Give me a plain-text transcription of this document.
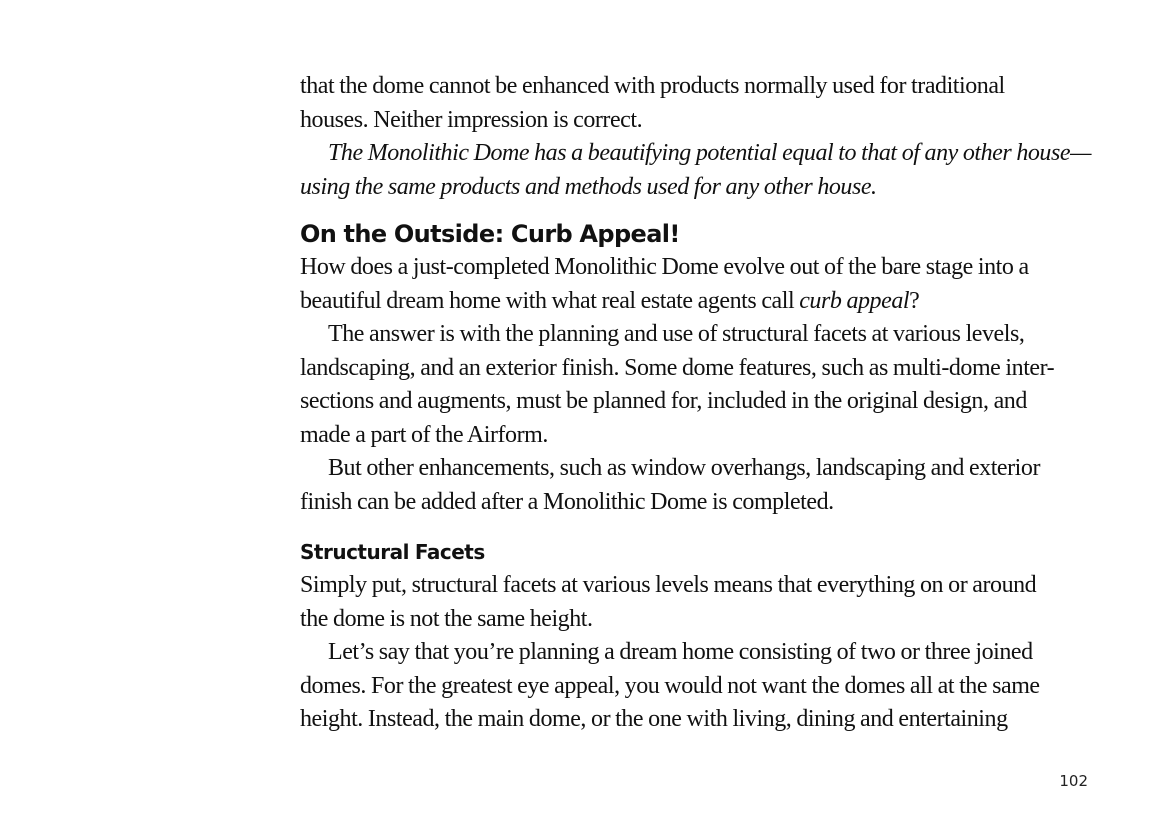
that the dome cannot be enhanced with products normally used for traditional
houses. Neither impression is correct.

The Monolithic Dome has a beautifying potential equal to that of any other house—
using the same products and methods used for any other house.

On the Outside: Curb Appeal!

How does a just-completed Monolithic Dome evolve out of the bare stage into a
beautiful dream home with what real estate agents call curb appeal?

The answer is with the planning and use of structural facets at various levels,
landscaping, and an exterior finish. Some dome features, such as multi-dome inter-
sections and augments, must be planned for, included in the original design, and
made a part of the Airform.

But other enhancements, such as window overhangs, landscaping and exterior
finish can be added after a Monolithic Dome is completed.

Structural Facets

Simply put, structural facets at various levels means that everything on or around
the dome is not the same height.

Let’s say that you’re planning a dream home consisting of two or three joined
domes. For the greatest eye appeal, you would not want the domes all at the same
height. Instead, the main dome, or the one with living, dining and entertaining

102
